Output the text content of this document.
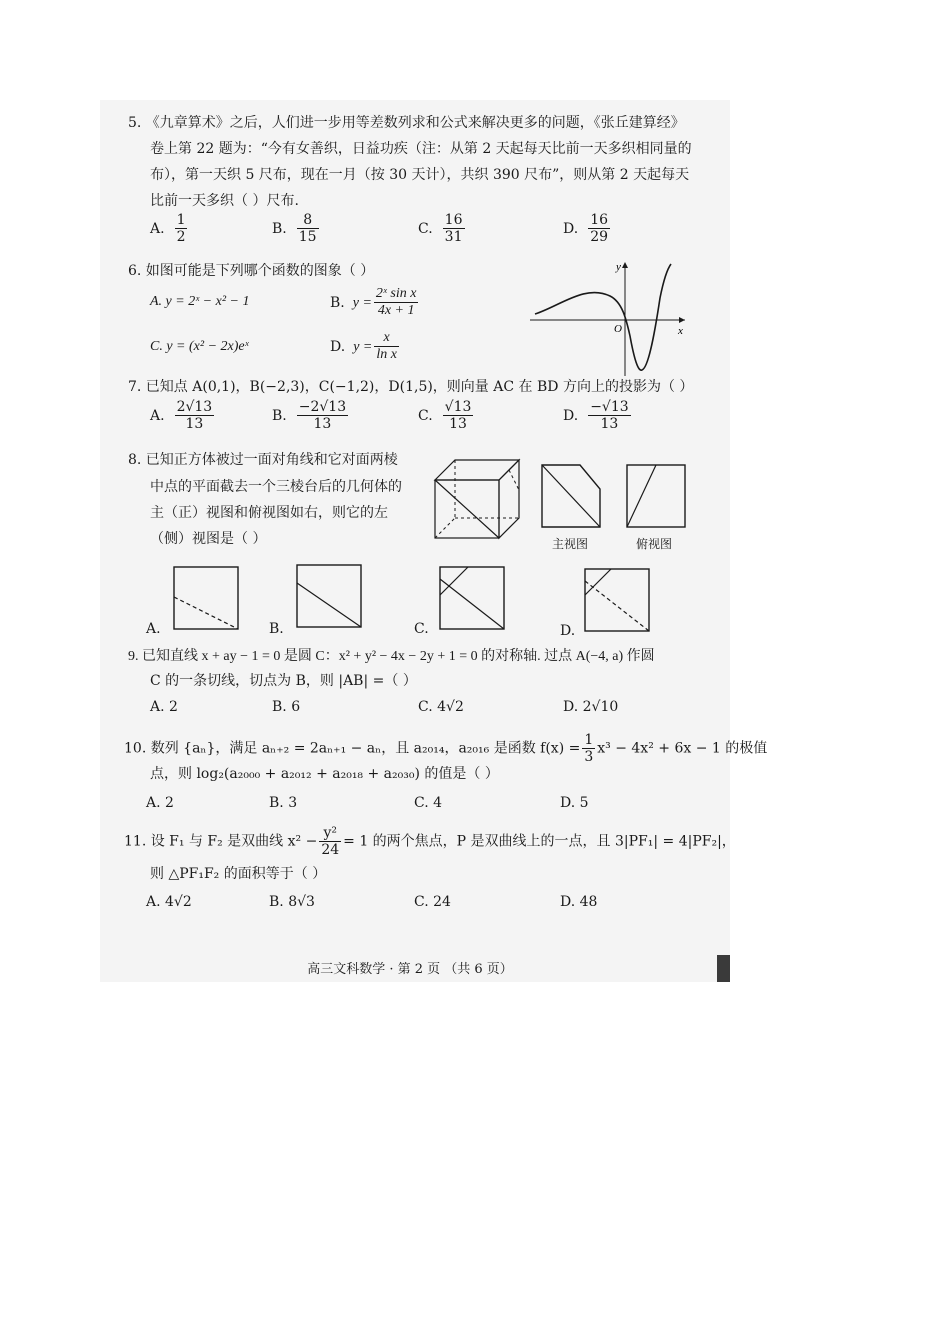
5. 《九章算术》之后，人们进一步用等差数列求和公式来解决更多的问题，《张丘建算经》
卷上第 22 题为：“今有女善织，日益功疾（注：从第 2 天起每天比前一天多织相同量的
布），第一天织 5 尺布，现在一月（按 30 天计），共织 390 尺布”，则从第 2 天起每天
比前一天多织（ ）尺布.
A. $\frac{1}{2}$	B. $\frac{8}{15}$	C. $\frac{16}{31}$	D. $\frac{16}{29}$
6. 如图可能是下列哪个函数的图象（ ）
A. y = 2ˣ − x² − 1	B. $y = \frac{\text{2ˣ sin x}}{4x + 1}$
C. y = (x² − 2x)eˣ	D. $y = \frac{x}{\text{ln x}}$
O
y
x
7. 已知点 A(0,1)，B(−2,3)，C(−1,2)，D(1,5)，则向量 AC 在 BD 方向上的投影为（ ）
A. $\frac{2√13}{13}$	B. $\frac{-2√13}{13}$	C. $\frac{√13}{13}$	D. $\frac{-√13}{13}$
8. 已知正方体被过一面对角线和它对面两棱
中点的平面截去一个三棱台后的几何体的
主（正）视图和俯视图如右，则它的左
（侧）视图是（ ）	主视图	俯视图
A.	B.	C.	D.
9. 已知直线 x + ay − 1 = 0 是圆 C：x² + y² − 4x − 2y + 1 = 0 的对称轴. 过点 A(−4, a) 作圆
C 的一条切线，切点为 B，则 |AB| =（ ）
A. 2	B. 6	C. 4√2	D. 2√10
10. 数列 {aₙ}，满足 aₙ₊₂ = 2aₙ₊₁ − aₙ，且 a₂₀₁₄，a₂₀₁₆ 是函数 $f(x) = \frac{1}{3} x^3 - 4x^2 + 6x - 1$ 的极值
点，则 log₂(a₂₀₀₀ + a₂₀₁₂ + a₂₀₁₈ + a₂₀₃₀) 的值是（ ）
A. 2	B. 3	C. 4	D. 5
11. 设 F₁ 与 F₂ 是双曲线 $x^2 - \frac{\text{y²}}{24} = 1$ 的两个焦点，P 是双曲线上的一点，且 3|PF₁| = 4|PF₂|，
则 △PF₁F₂ 的面积等于（ ）
A. 4√2	B. 8√3	C. 24	D. 48
高三文科数学 · 第 2 页 （共 6 页）
